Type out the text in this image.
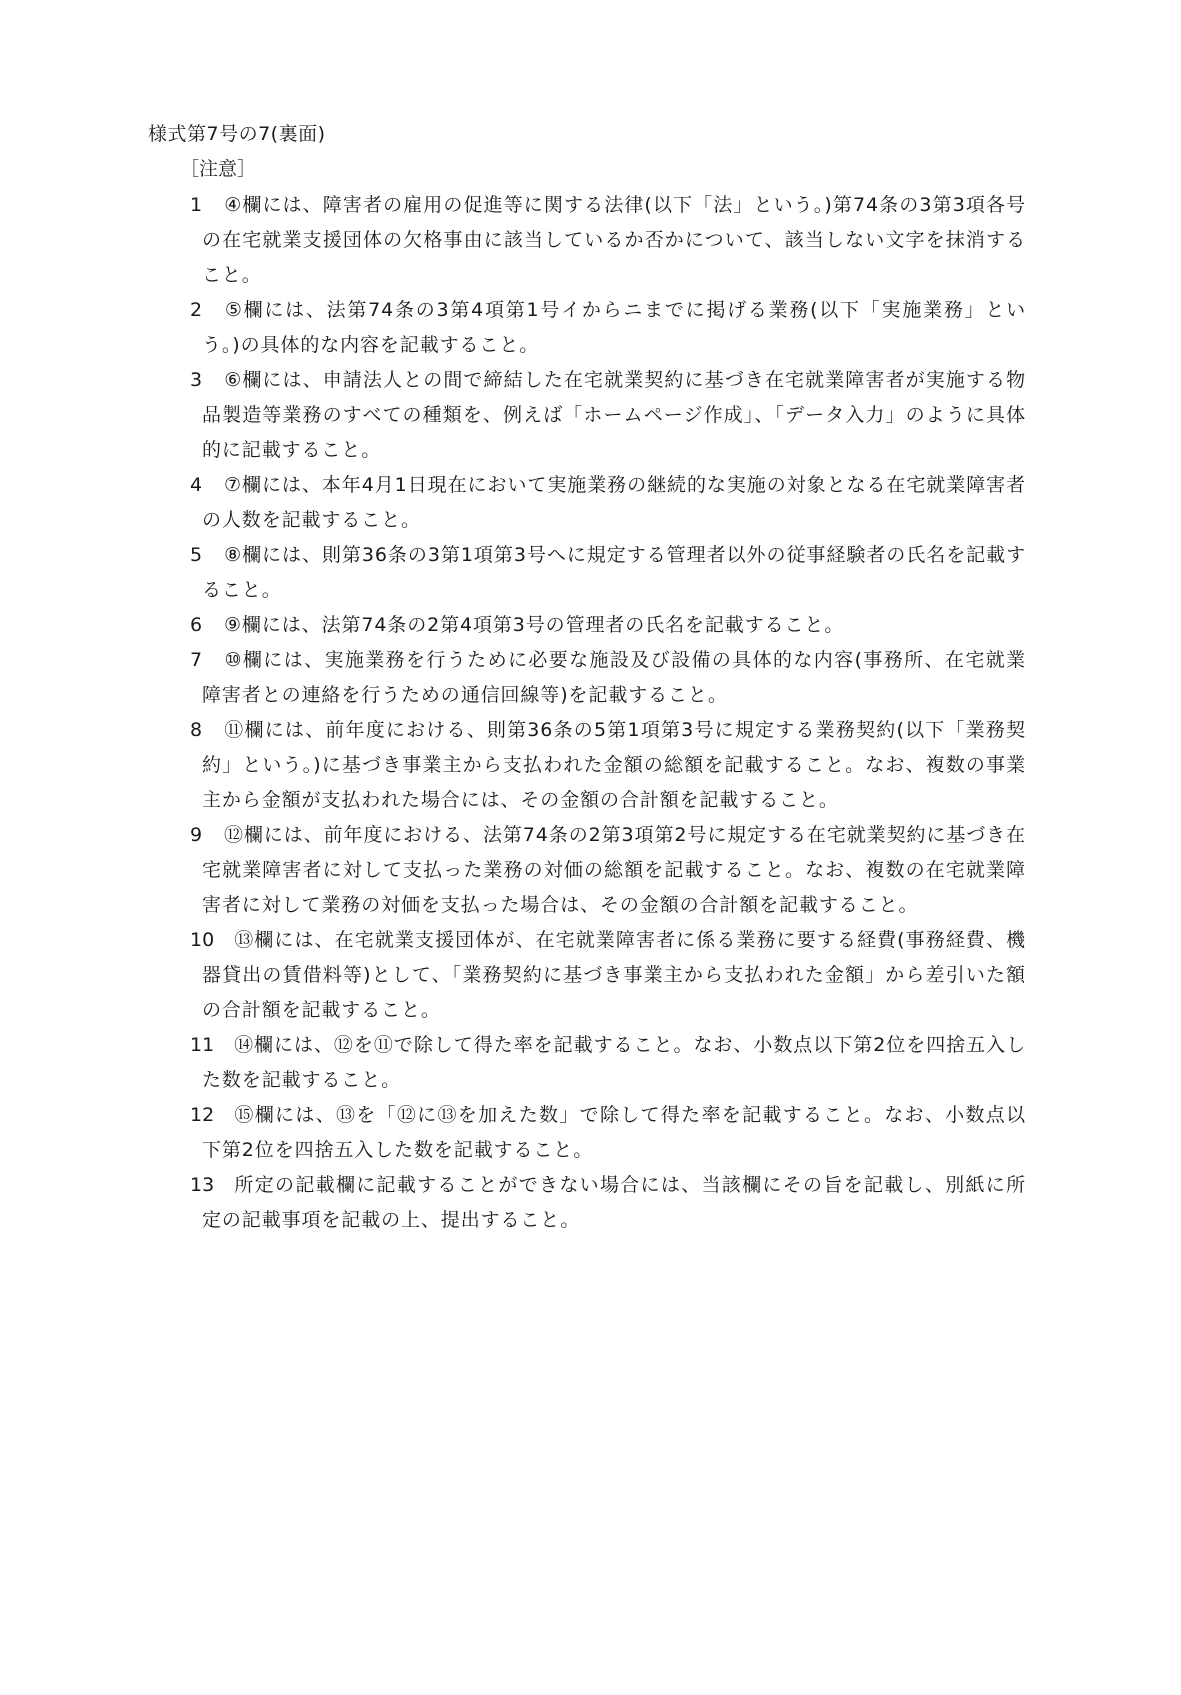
様式第7号の7(裏面)
［注意］
1 ④欄には、障害者の雇用の促進等に関する法律(以下「法」という。)第74条の3第3項各号の在宅就業支援団体の欠格事由に該当しているか否かについて、該当しない文字を抹消すること。
2 ⑤欄には、法第74条の3第4項第1号イからニまでに掲げる業務(以下「実施業務」という。)の具体的な内容を記載すること。
3 ⑥欄には、申請法人との間で締結した在宅就業契約に基づき在宅就業障害者が実施する物品製造等業務のすべての種類を、例えば「ホームページ作成」、「データ入力」のように具体的に記載すること。
4 ⑦欄には、本年4月1日現在において実施業務の継続的な実施の対象となる在宅就業障害者の人数を記載すること。
5 ⑧欄には、則第36条の3第1項第3号へに規定する管理者以外の従事経験者の氏名を記載すること。
6 ⑨欄には、法第74条の2第4項第3号の管理者の氏名を記載すること。
7 ⑩欄には、実施業務を行うために必要な施設及び設備の具体的な内容(事務所、在宅就業障害者との連絡を行うための通信回線等)を記載すること。
8 ⑪欄には、前年度における、則第36条の5第1項第3号に規定する業務契約(以下「業務契約」という。)に基づき事業主から支払われた金額の総額を記載すること。なお、複数の事業主から金額が支払われた場合には、その金額の合計額を記載すること。
9 ⑫欄には、前年度における、法第74条の2第3項第2号に規定する在宅就業契約に基づき在宅就業障害者に対して支払った業務の対価の総額を記載すること。なお、複数の在宅就業障害者に対して業務の対価を支払った場合は、その金額の合計額を記載すること。
10 ⑬欄には、在宅就業支援団体が、在宅就業障害者に係る業務に要する経費(事務経費、機器貸出の賃借料等)として、「業務契約に基づき事業主から支払われた金額」から差引いた額の合計額を記載すること。
11 ⑭欄には、⑫を⑪で除して得た率を記載すること。なお、小数点以下第2位を四捨五入した数を記載すること。
12 ⑮欄には、⑬を「⑫に⑬を加えた数」で除して得た率を記載すること。なお、小数点以下第2位を四捨五入した数を記載すること。
13 所定の記載欄に記載することができない場合には、当該欄にその旨を記載し、別紙に所定の記載事項を記載の上、提出すること。
